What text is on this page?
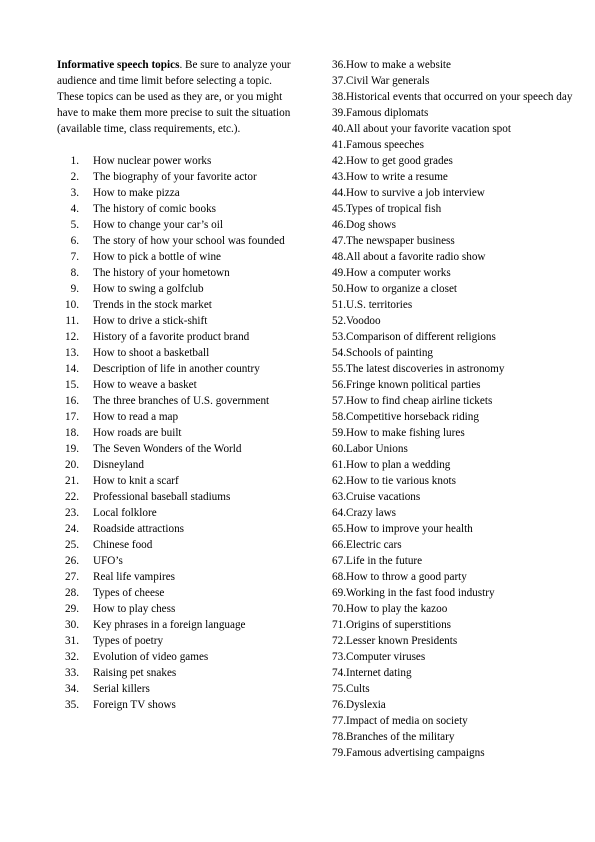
Informative speech topics. Be sure to analyze your audience and time limit before selecting a topic. These topics can be used as they are, or you might have to make them more precise to suit the situation (available time, class requirements, etc.).

1.	How nuclear power works
2.	The biography of your favorite actor
3.	How to make pizza
4.	The history of comic books
5.	How to change your car’s oil
6.	The story of how your school was founded
7.	How to pick a bottle of wine
8.	The history of your hometown
9.	How to swing a golfclub
10.	Trends in the stock market
11.	How to drive a stick-shift
12.	History of a favorite product brand
13.	How to shoot a basketball
14.	Description of life in another country
15.	How to weave a basket
16.	The three branches of U.S. government
17.	How to read a map
18.	How roads are built
19.	The Seven Wonders of the World
20.	Disneyland
21.	How to knit a scarf
22.	Professional baseball stadiums
23.	Local folklore
24.	Roadside attractions
25.	Chinese food
26.	UFO’s
27.	Real life vampires
28.	Types of cheese
29.	How to play chess
30.	Key phrases in a foreign language
31.	Types of poetry
32.	Evolution of video games
33.	Raising pet snakes
34.	Serial killers
35.	Foreign TV shows
36. How to make a website
37. Civil War generals
38. Historical events that occurred on your speech day
39. Famous diplomats
40. All about your favorite vacation spot
41. Famous speeches
42. How to get good grades
43. How to write a resume
44. How to survive a job interview
45. Types of tropical fish
46. Dog shows
47. The newspaper business
48. All about a favorite radio show
49. How a computer works
50. How to organize a closet
51. U.S. territories
52. Voodoo
53. Comparison of different religions
54. Schools of painting
55. The latest discoveries in astronomy
56. Fringe known political parties
57. How to find cheap airline tickets
58. Competitive horseback riding
59. How to make fishing lures
60. Labor Unions
61. How to plan a wedding
62. How to tie various knots
63. Cruise vacations
64. Crazy laws
65. How to improve your health
66. Electric cars
67. Life in the future
68. How to throw a good party
69. Working in the fast food industry
70. How to play the kazoo
71. Origins of superstitions
72. Lesser known Presidents
73. Computer viruses
74. Internet dating
75. Cults
76. Dyslexia
77. Impact of media on society
78. Branches of the military
79. Famous advertising campaigns
